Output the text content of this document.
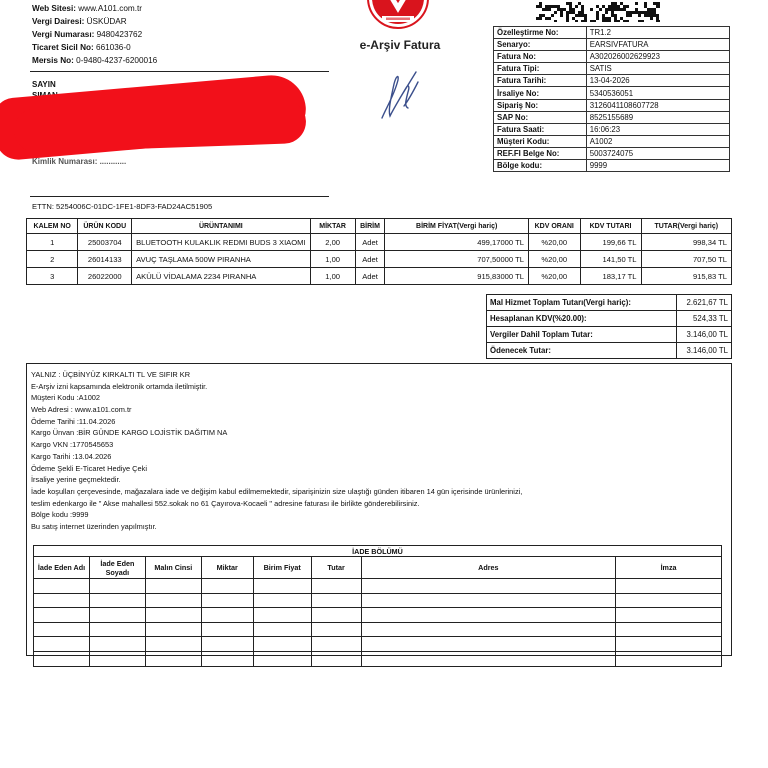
Web Sitesi: www.A101.com.tr
Vergi Dairesi: ÜSKÜDAR
Vergi Numarası: 9480423762
Ticaret Sicil No: 661036-0
Mersis No: 0-9480-4237-6200016
SAYIN
Kimlik Numarası: ............
e-Arşiv Fatura
Özelleştirme No:	TR1.2
Senaryo:	EARSIVFATURA
Fatura No:	A302026002629923
Fatura Tipi:	SATIS
Fatura Tarihi:	13-04-2026
İrsaliye No:	5340536051
Sipariş No:	3126041108607728
SAP No:	8525155689
Fatura Saati:	16:06:23
Müşteri Kodu:	A1002
REF.FI Belge No:	5003724075
Bölge kodu:	9999
ETTN: 5254006C-01DC-1FE1-8DF3-FAD24AC51905
KALEM NO	ÜRÜN KODU	ÜRÜNTANIMI	MİKTAR	BİRİM	BİRİM FİYAT(Vergi hariç)	KDV ORANI	KDV TUTARI	TUTAR(Vergi hariç)
1	25003704	BLUETOOTH KULAKLIK REDMI BUDS 3 XIAOMI	2,00	Adet	499,17000 TL	%20,00	199,66 TL	998,34 TL
2	26014133	AVUÇ TAŞLAMA 500W PIRANHA	1,00	Adet	707,50000 TL	%20,00	141,50 TL	707,50 TL
3	26022000	AKÜLÜ VİDALAMA 2234 PIRANHA	1,00	Adet	915,83000 TL	%20,00	183,17 TL	915,83 TL
Mal Hizmet Toplam Tutarı(Vergi hariç):	2.621,67 TL
Hesaplanan KDV(%20.00):	524,33 TL
Vergiler Dahil Toplam Tutar:	3.146,00 TL
Ödenecek Tutar:	3.146,00 TL
YALNIZ : ÜÇBİNYÜZ KIRKALTI TL VE SIFIR KR
E-Arşiv izni kapsamında elektronik ortamda iletilmiştir.
Müşteri Kodu :A1002
Web Adresi : www.a101.com.tr
Ödeme Tarihi :11.04.2026
Kargo Ünvan :BİR GÜNDE KARGO LOJİSTİK DAĞITIM NA
Kargo VKN :1770545653
Kargo Tarihi :13.04.2026
Ödeme Şekli E-Ticaret Hediye Çeki
İrsaliye yerine geçmektedir.
İade koşulları çerçevesinde, mağazalara iade ve değişim kabul edilmemektedir, siparişinizin size ulaştığı günden itibaren 14 gün içerisinde ürünlerinizi,
teslim edenkargo ile " Akse mahallesi 552.sokak no 61 Çayırova-Kocaeli " adresine faturası ile birlikte gönderebilirsiniz.
Bölge kodu :9999
Bu satış internet üzerinden yapılmıştır.
İADE BÖLÜMÜ							
İade Eden Adı	İade Eden Soyadı	Malın Cinsi	Miktar	Birim Fiyat	Tutar	Adres	İmza
